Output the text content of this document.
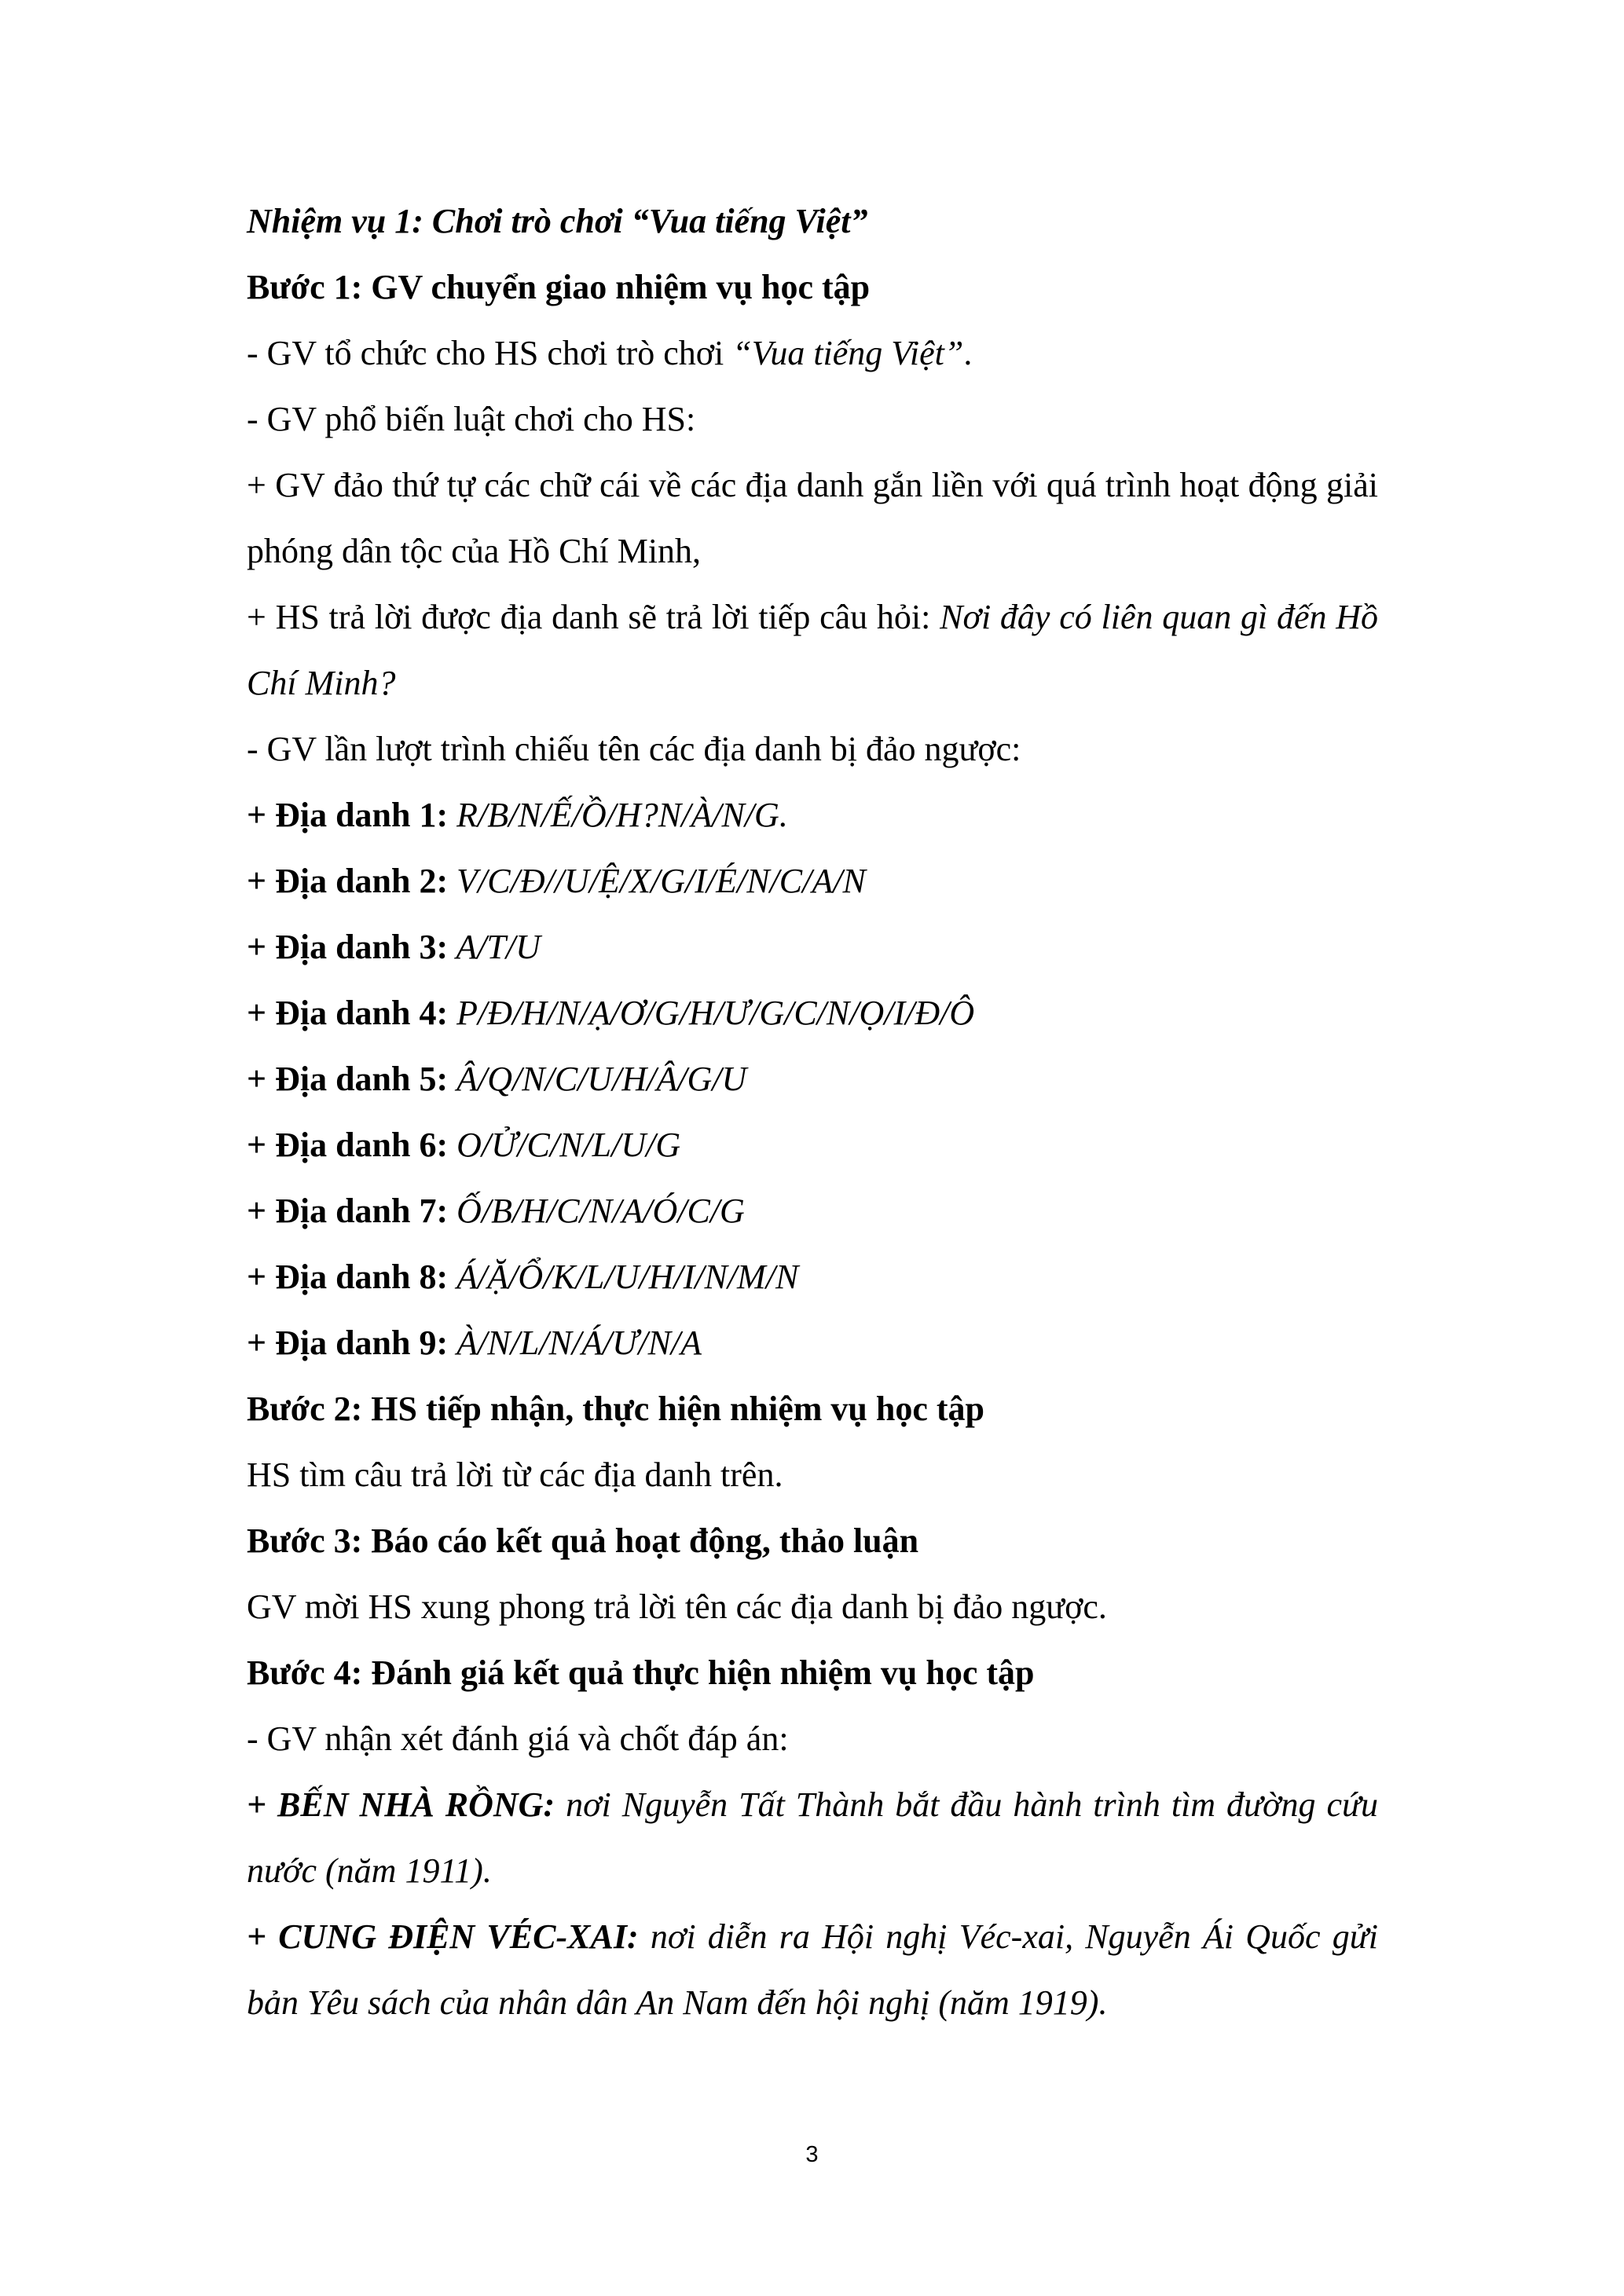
Nhiệm vụ 1: Chơi trò chơi “Vua tiếng Việt”

Bước 1: GV chuyển giao nhiệm vụ học tập

- GV tổ chức cho HS chơi trò chơi “Vua tiếng Việt”.

- GV phổ biến luật chơi cho HS:

+ GV đảo thứ tự các chữ cái về các địa danh gắn liền với quá trình hoạt động giải phóng dân tộc của Hồ Chí Minh,

+ HS trả lời được địa danh sẽ trả lời tiếp câu hỏi: Nơi đây có liên quan gì đến Hồ Chí Minh?

- GV lần lượt trình chiếu tên các địa danh bị đảo ngược:

+ Địa danh 1: R/B/N/Ế/Ồ/H?N/À/N/G.

+ Địa danh 2: V/C/Đ//U/Ệ/X/G/I/É/N/C/A/N

+ Địa danh 3: A/T/U

+ Địa danh 4: P/Đ/H/N/Ạ/Ơ/G/H/Ư/G/C/N/Ọ/I/Đ/Ô

+ Địa danh 5: Â/Q/N/C/U/H/Â/G/U

+ Địa danh 6: O/Ử/C/N/L/U/G

+ Địa danh 7: Ố/B/H/C/N/A/Ó/C/G

+ Địa danh 8: Á/Ặ/Ổ/K/L/U/H/I/N/M/N

+ Địa danh 9: À/N/L/N/Á/Ư/N/A

Bước 2: HS tiếp nhận, thực hiện nhiệm vụ học tập

HS tìm câu trả lời từ các địa danh trên.

Bước 3: Báo cáo kết quả hoạt động, thảo luận

GV mời HS xung phong trả lời tên các địa danh bị đảo ngược.

Bước 4: Đánh giá kết quả thực hiện nhiệm vụ học tập

- GV nhận xét đánh giá và chốt đáp án:

+ BẾN NHÀ RỒNG: nơi Nguyễn Tất Thành bắt đầu hành trình tìm đường cứu nước (năm 1911).

+ CUNG ĐIỆN VÉC-XAI: nơi diễn ra Hội nghị Véc-xai, Nguyễn Ái Quốc gửi bản Yêu sách của nhân dân An Nam đến hội nghị (năm 1919).

3
